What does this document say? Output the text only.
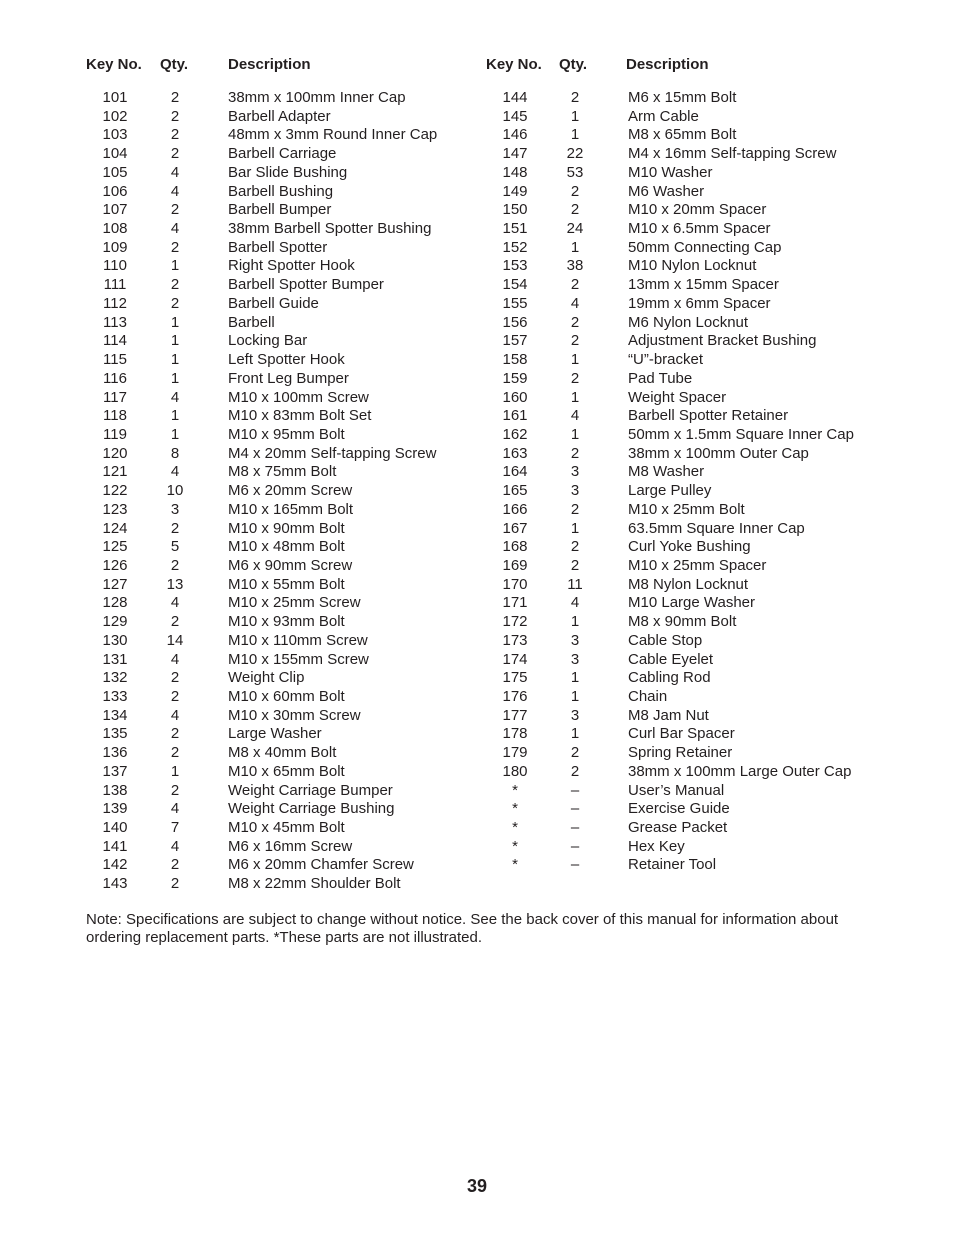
Key No. Qty.	Description
101	2	38mm x 100mm Inner Cap
102	2	Barbell Adapter
103	2	48mm x 3mm Round Inner Cap
104	2	Barbell Carriage
105	4	Bar Slide Bushing
106	4	Barbell Bushing
107	2	Barbell Bumper
108	4	38mm Barbell Spotter Bushing
109	2	Barbell Spotter
110	1	Right Spotter Hook
111	2	Barbell Spotter Bumper
112	2	Barbell Guide
113	1	Barbell
114	1	Locking Bar
115	1	Left Spotter Hook
116	1	Front Leg Bumper
117	4	M10 x 100mm Screw
118	1	M10 x 83mm Bolt Set
119	1	M10 x 95mm Bolt
120	8	M4 x 20mm Self-tapping Screw
121	4	M8 x 75mm Bolt
122	10	M6 x 20mm Screw
123	3	M10 x 165mm Bolt
124	2	M10 x 90mm Bolt
125	5	M10 x 48mm Bolt
126	2	M6 x 90mm Screw
127	13	M10 x 55mm Bolt
128	4	M10 x 25mm Screw
129	2	M10 x 93mm Bolt
130	14	M10 x 110mm Screw
131	4	M10 x 155mm Screw
132	2	Weight Clip
133	2	M10 x 60mm Bolt
134	4	M10 x 30mm Screw
135	2	Large Washer
136	2	M8 x 40mm Bolt
137	1	M10 x 65mm Bolt
138	2	Weight Carriage Bumper
139	4	Weight Carriage Bushing
140	7	M10 x 45mm Bolt
141	4	M6 x 16mm Screw
142	2	M6 x 20mm Chamfer Screw
143	2	M8 x 22mm Shoulder Bolt
Key No. Qty.	Description
144	2	M6 x 15mm Bolt
145	1	Arm Cable
146	1	M8 x 65mm Bolt
147	22	M4 x 16mm Self-tapping Screw
148	53	M10 Washer
149	2	M6 Washer
150	2	M10 x 20mm Spacer
151	24	M10 x 6.5mm Spacer
152	1	50mm Connecting Cap
153	38	M10 Nylon Locknut
154	2	13mm x 15mm Spacer
155	4	19mm x 6mm Spacer
156	2	M6 Nylon Locknut
157	2	Adjustment Bracket Bushing
158	1	“U”-bracket
159	2	Pad Tube
160	1	Weight Spacer
161	4	Barbell Spotter Retainer
162	1	50mm x 1.5mm Square Inner Cap
163	2	38mm x 100mm Outer Cap
164	3	M8 Washer
165	3	Large Pulley
166	2	M10 x 25mm Bolt
167	1	63.5mm Square Inner Cap
168	2	Curl Yoke Bushing
169	2	M10 x 25mm Spacer
170	11	M8 Nylon Locknut
171	4	M10 Large Washer
172	1	M8 x 90mm Bolt
173	3	Cable Stop
174	3	Cable Eyelet
175	1	Cabling Rod
176	1	Chain
177	3	M8 Jam Nut
178	1	Curl Bar Spacer
179	2	Spring Retainer
180	2	38mm x 100mm Large Outer Cap
*	–	User’s Manual
*	–	Exercise Guide
*	–	Grease Packet
*	–	Hex Key
*	–	Retainer Tool
Note: Specifications are subject to change without notice. See the back cover of this manual for information about ordering replacement parts. *These parts are not illustrated.
39
